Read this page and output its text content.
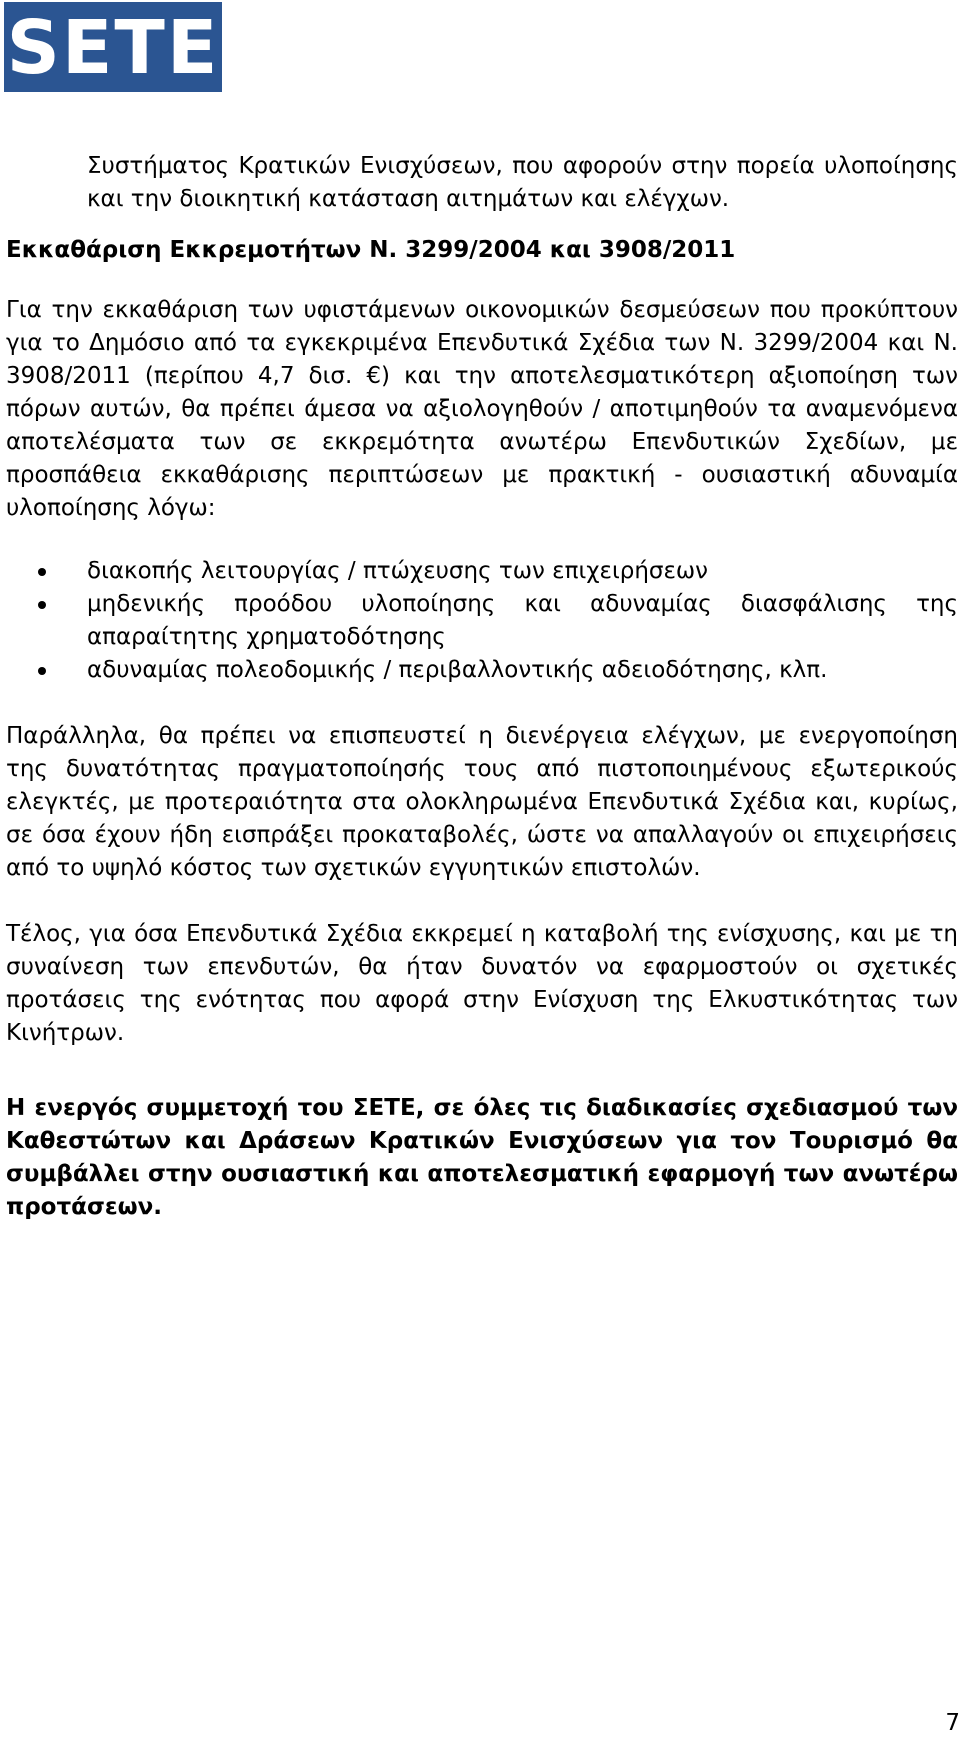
SETE

Συστήματος Κρατικών Ενισχύσεων, που αφορούν στην πορεία υλοποίησης και την διοικητική κατάσταση αιτημάτων και ελέγχων.

Εκκαθάριση Εκκρεμοτήτων Ν. 3299/2004 και 3908/2011

Για την εκκαθάριση των υφιστάμενων οικονομικών δεσμεύσεων που προκύπτουν για το Δημόσιο από τα εγκεκριμένα Επενδυτικά Σχέδια των Ν. 3299/2004 και Ν. 3908/2011 (περίπου 4,7 δισ. €) και την αποτελεσματικότερη αξιοποίηση των πόρων αυτών, θα πρέπει άμεσα να αξιολογηθούν / αποτιμηθούν τα αναμενόμενα αποτελέσματα των σε εκκρεμότητα ανωτέρω Επενδυτικών Σχεδίων, με προσπάθεια εκκαθάρισης περιπτώσεων με πρακτική - ουσιαστική αδυναμία υλοποίησης λόγω:

διακοπής λειτουργίας / πτώχευσης των επιχειρήσεων
μηδενικής προόδου υλοποίησης και αδυναμίας διασφάλισης της απαραίτητης χρηματοδότησης
αδυναμίας πολεοδομικής / περιβαλλοντικής αδειοδότησης, κλπ.

Παράλληλα, θα πρέπει να επισπευστεί η διενέργεια ελέγχων, με ενεργοποίηση της δυνατότητας πραγματοποίησής τους από πιστοποιημένους εξωτερικούς ελεγκτές, με προτεραιότητα στα ολοκληρωμένα Επενδυτικά Σχέδια και, κυρίως, σε όσα έχουν ήδη εισπράξει προκαταβολές, ώστε να απαλλαγούν οι επιχειρήσεις από το υψηλό κόστος των σχετικών εγγυητικών επιστολών.

Τέλος, για όσα Επενδυτικά Σχέδια εκκρεμεί η καταβολή της ενίσχυσης, και με τη συναίνεση των επενδυτών, θα ήταν δυνατόν να εφαρμοστούν οι σχετικές προτάσεις της ενότητας που αφορά στην Ενίσχυση της Ελκυστικότητας των Κινήτρων.

Η ενεργός συμμετοχή του ΣΕΤΕ, σε όλες τις διαδικασίες σχεδιασμού των Καθεστώτων και Δράσεων Κρατικών Ενισχύσεων για τον Τουρισμό θα συμβάλλει στην ουσιαστική και αποτελεσματική εφαρμογή των ανωτέρω προτάσεων.

7
